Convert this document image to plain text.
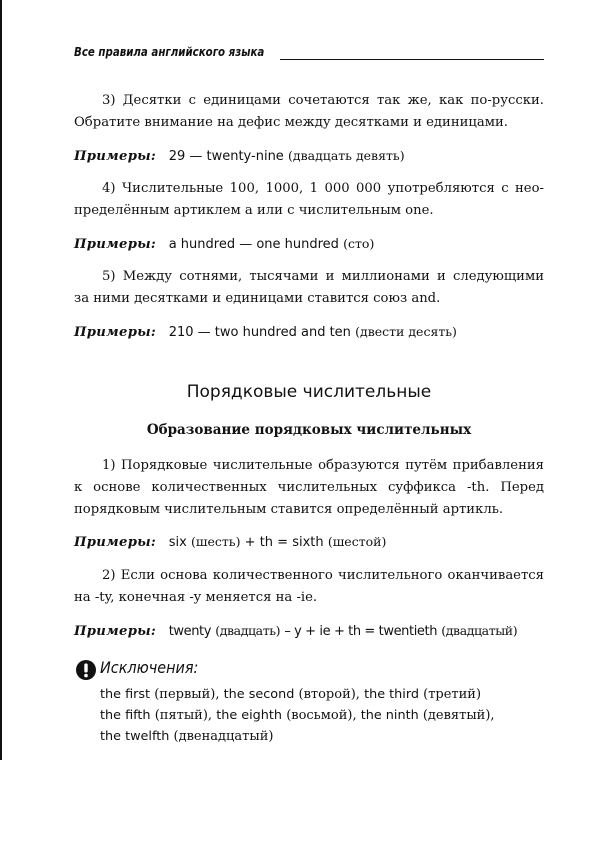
Все правила английского языка
3) Десятки с единицами сочетаются так же, как по-русски.
Обратите внимание на дефис между десятками и единицами.
Примеры: 29 — twenty-nine (двадцать девять)
4) Числительные 100, 1000, 1 000 000 употребляются с нео-
пределённым артиклем a или с числительным one.
Примеры: a hundred — one hundred (сто)
5) Между сотнями, тысячами и миллионами и следующими
за ними десятками и единицами ставится союз and.
Примеры: 210 — two hundred and ten (двести десять)
Порядковые числительные
Образование порядковых числительных
1) Порядковые числительные образуются путём прибавления
к основе количественных числительных суффикса -th. Перед
порядковым числительным ставится определённый артикль.
Примеры: six (шесть) + th = sixth (шестой)
2) Если основа количественного числительного оканчивается
на -ty, конечная -y меняется на -ie.
Примеры: twenty (двадцать) – y + ie + th = twentieth (двадцатый)
Исключения:
the first (первый), the second (второй), the third (третий)
the fifth (пятый), the eighth (восьмой), the ninth (девятый),
the twelfth (двенадцатый)
